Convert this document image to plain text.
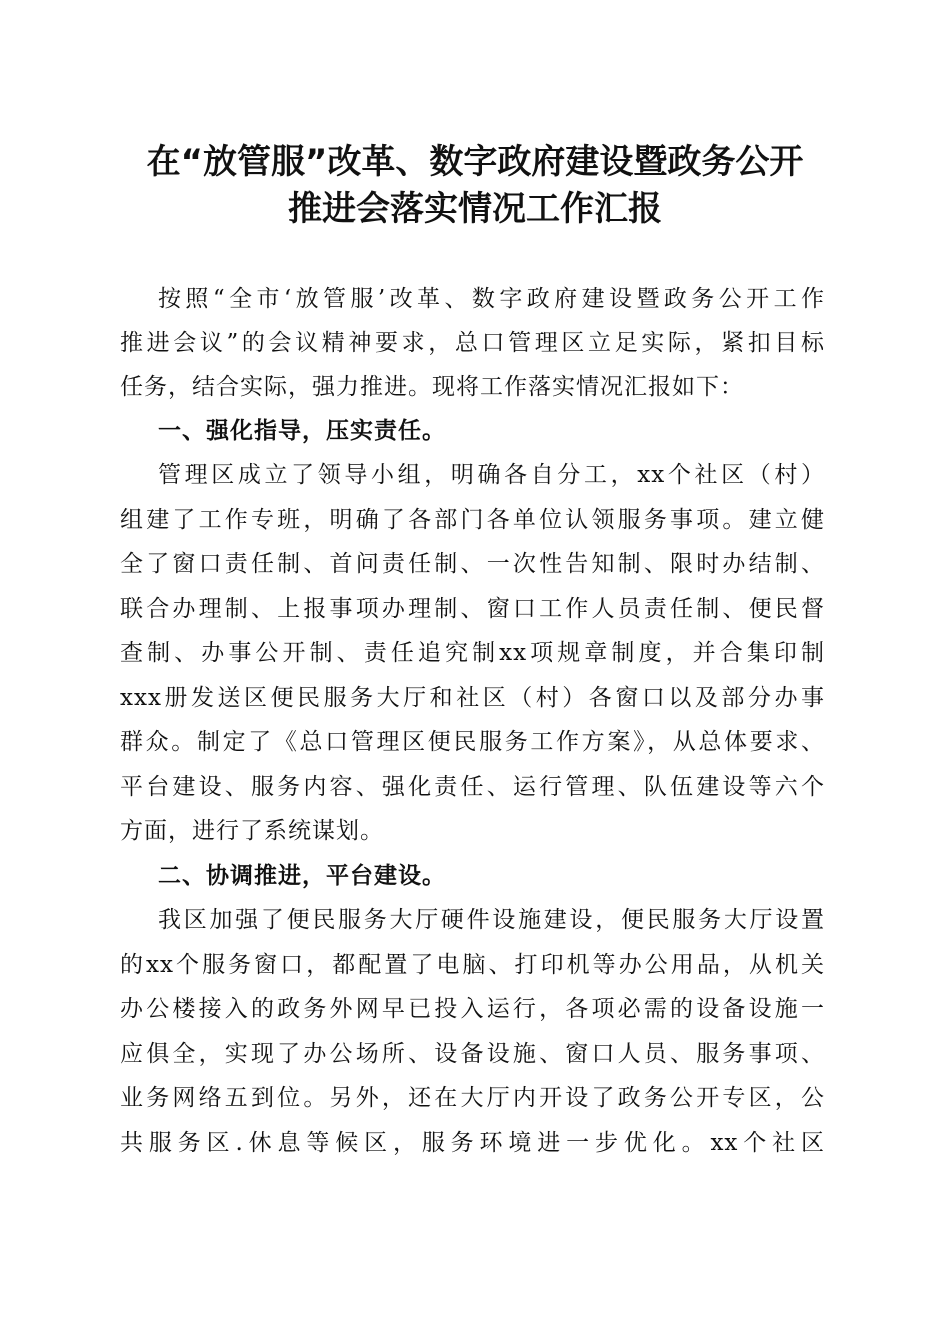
在“放管服”改革、数字政府建设暨政务公开
推进会落实情况工作汇报
按照“全市‘放管服’改革、数字政府建设暨政务公开工作
推进会议”的会议精神要求，总口管理区立足实际，紧扣目标
任务，结合实际，强力推进。现将工作落实情况汇报如下：
一、强化指导，压实责任。
管理区成立了领导小组，明确各自分工，xx个社区（村）
组建了工作专班，明确了各部门各单位认领服务事项。建立健
全了窗口责任制、首问责任制、一次性告知制、限时办结制、
联合办理制、上报事项办理制、窗口工作人员责任制、便民督
查制、办事公开制、责任追究制xx项规章制度，并合集印制
xxx册发送区便民服务大厅和社区（村）各窗口以及部分办事
群众。制定了《总口管理区便民服务工作方案》，从总体要求、
平台建设、服务内容、强化责任、运行管理、队伍建设等六个
方面，进行了系统谋划。
二、协调推进，平台建设。
我区加强了便民服务大厅硬件设施建设，便民服务大厅设置
的xx个服务窗口，都配置了电脑、打印机等办公用品，从机关
办公楼接入的政务外网早已投入运行，各项必需的设备设施一
应俱全，实现了办公场所、设备设施、窗口人员、服务事项、
业务网络五到位。另外，还在大厅内开设了政务公开专区，公
共服务区.休息等候区，服务环境进一步优化。xx个社区
